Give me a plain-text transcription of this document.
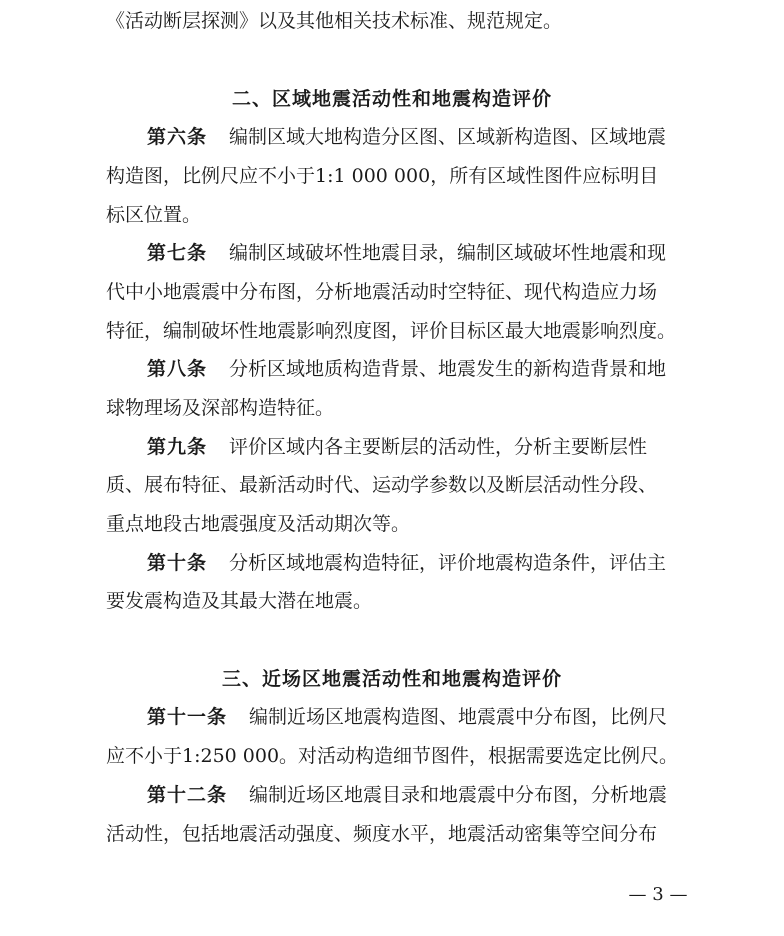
《活动断层探测》以及其他相关技术标准、规范规定。
二、区域地震活动性和地震构造评价
第六条 编制区域大地构造分区图、区域新构造图、区域地震
构造图，比例尺应不小于1:1 000 000，所有区域性图件应标明目
标区位置。
第七条 编制区域破坏性地震目录，编制区域破坏性地震和现
代中小地震震中分布图，分析地震活动时空特征、现代构造应力场
特征，编制破坏性地震影响烈度图，评价目标区最大地震影响烈度。
第八条 分析区域地质构造背景、地震发生的新构造背景和地
球物理场及深部构造特征。
第九条 评价区域内各主要断层的活动性，分析主要断层性
质、展布特征、最新活动时代、运动学参数以及断层活动性分段、
重点地段古地震强度及活动期次等。
第十条 分析区域地震构造特征，评价地震构造条件，评估主
要发震构造及其最大潜在地震。
三、近场区地震活动性和地震构造评价
第十一条 编制近场区地震构造图、地震震中分布图，比例尺
应不小于1:250 000。对活动构造细节图件，根据需要选定比例尺。
第十二条 编制近场区地震目录和地震震中分布图，分析地震
活动性，包括地震活动强度、频度水平，地震活动密集等空间分布
— 3 —
